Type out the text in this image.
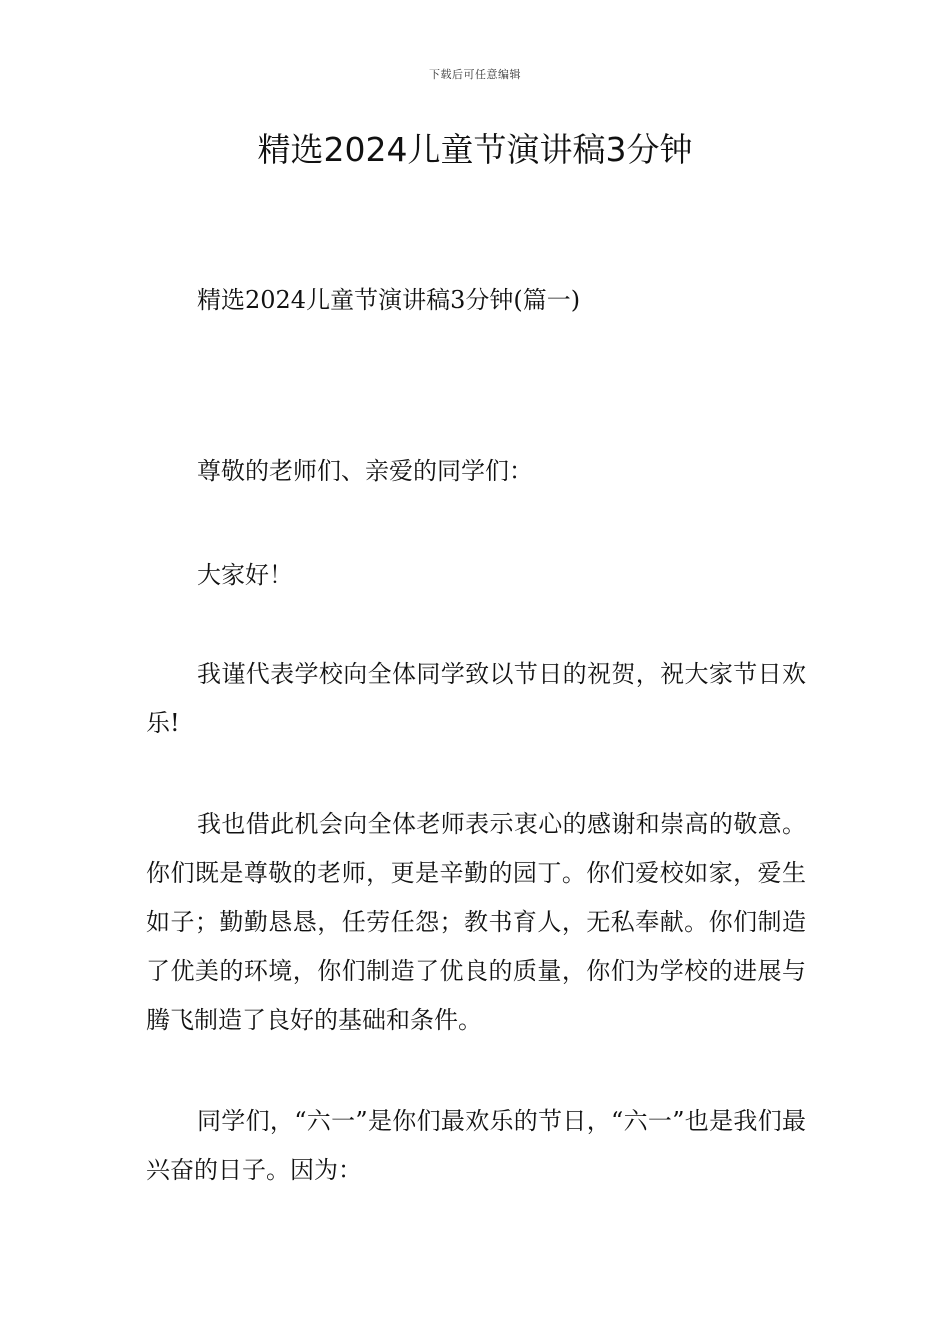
下载后可任意编辑
精选2024儿童节演讲稿3分钟

精选2024儿童节演讲稿3分钟(篇一)

尊敬的老师们、亲爱的同学们：

大家好！

我谨代表学校向全体同学致以节日的祝贺，祝大家节日欢乐!

我也借此机会向全体老师表示衷心的感谢和崇高的敬意。你们既是尊敬的老师，更是辛勤的园丁。你们爱校如家，爱生如子；勤勤恳恳，任劳任怨；教书育人，无私奉献。你们制造了优美的环境，你们制造了优良的质量，你们为学校的进展与腾飞制造了良好的基础和条件。

同学们，“六一”是你们最欢乐的节日，“六一”也是我们最兴奋的日子。因为：
